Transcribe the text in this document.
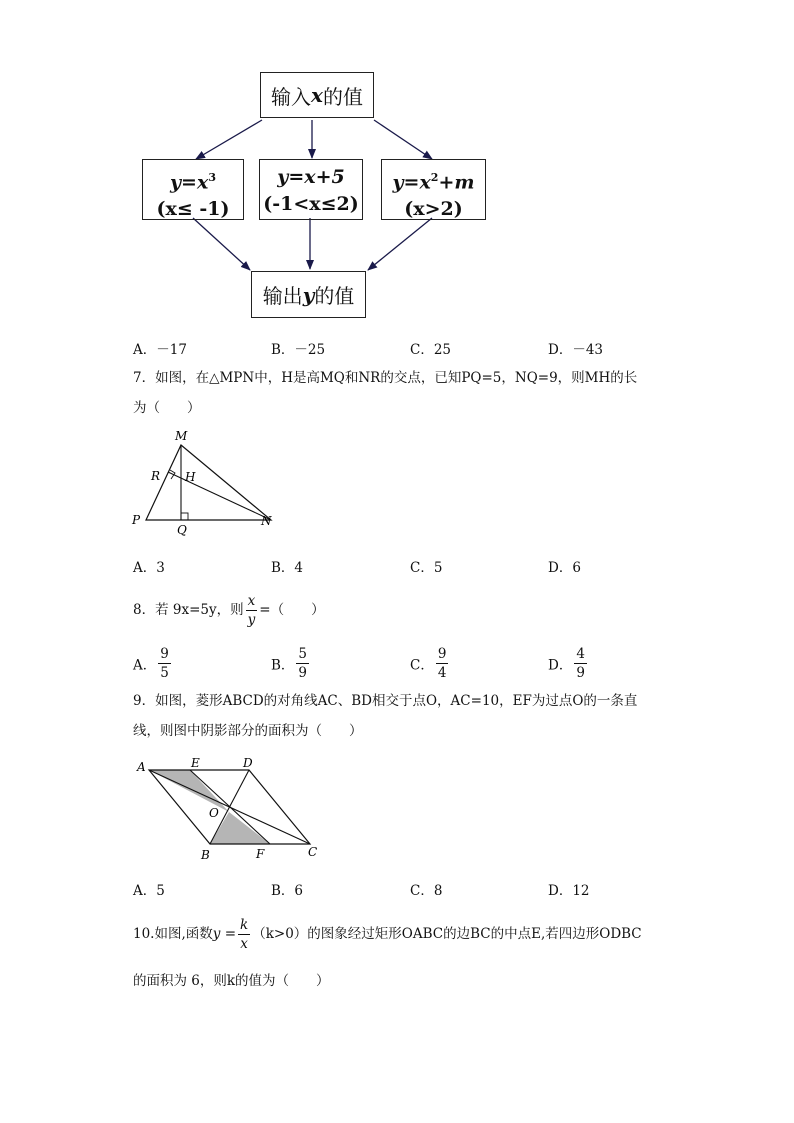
输入 x 的值
$y=x^3$
(x≤ -1)
y=x+5
(-1<x≤2)
$y=x^2+m$
(x>2)
输出 y 的值
A．－17	B．－25	C．25	D．－43
7．如图，在△MPN中，H是高MQ和NR的交点，已知PQ=5，NQ=9，则MH的长
为（　　）
M
R H
P
Q
N
A．3	B．4	C．5	D．6
8．若 9x=5y，则 $\frac{x}{y}$ =（　　）
A． $\frac{9}{5}$	B． $\frac{5}{9}$	C． $\frac{9}{4}$	D． $\frac{4}{9}$
9．如图，菱形ABCD的对角线AC、BD相交于点O，AC=10，EF为过点O的一条直
线，则图中阴影部分的面积为（　　）
A	E	D
O
B	F	C
A．5	B．6	C．8	D．12
10.如图,函数$y = \frac{k}{x} (k>0)$的图象经过矩形OABC的边BC的中点E,若四边形ODBC
的面积为 6，则k的值为（　　）
